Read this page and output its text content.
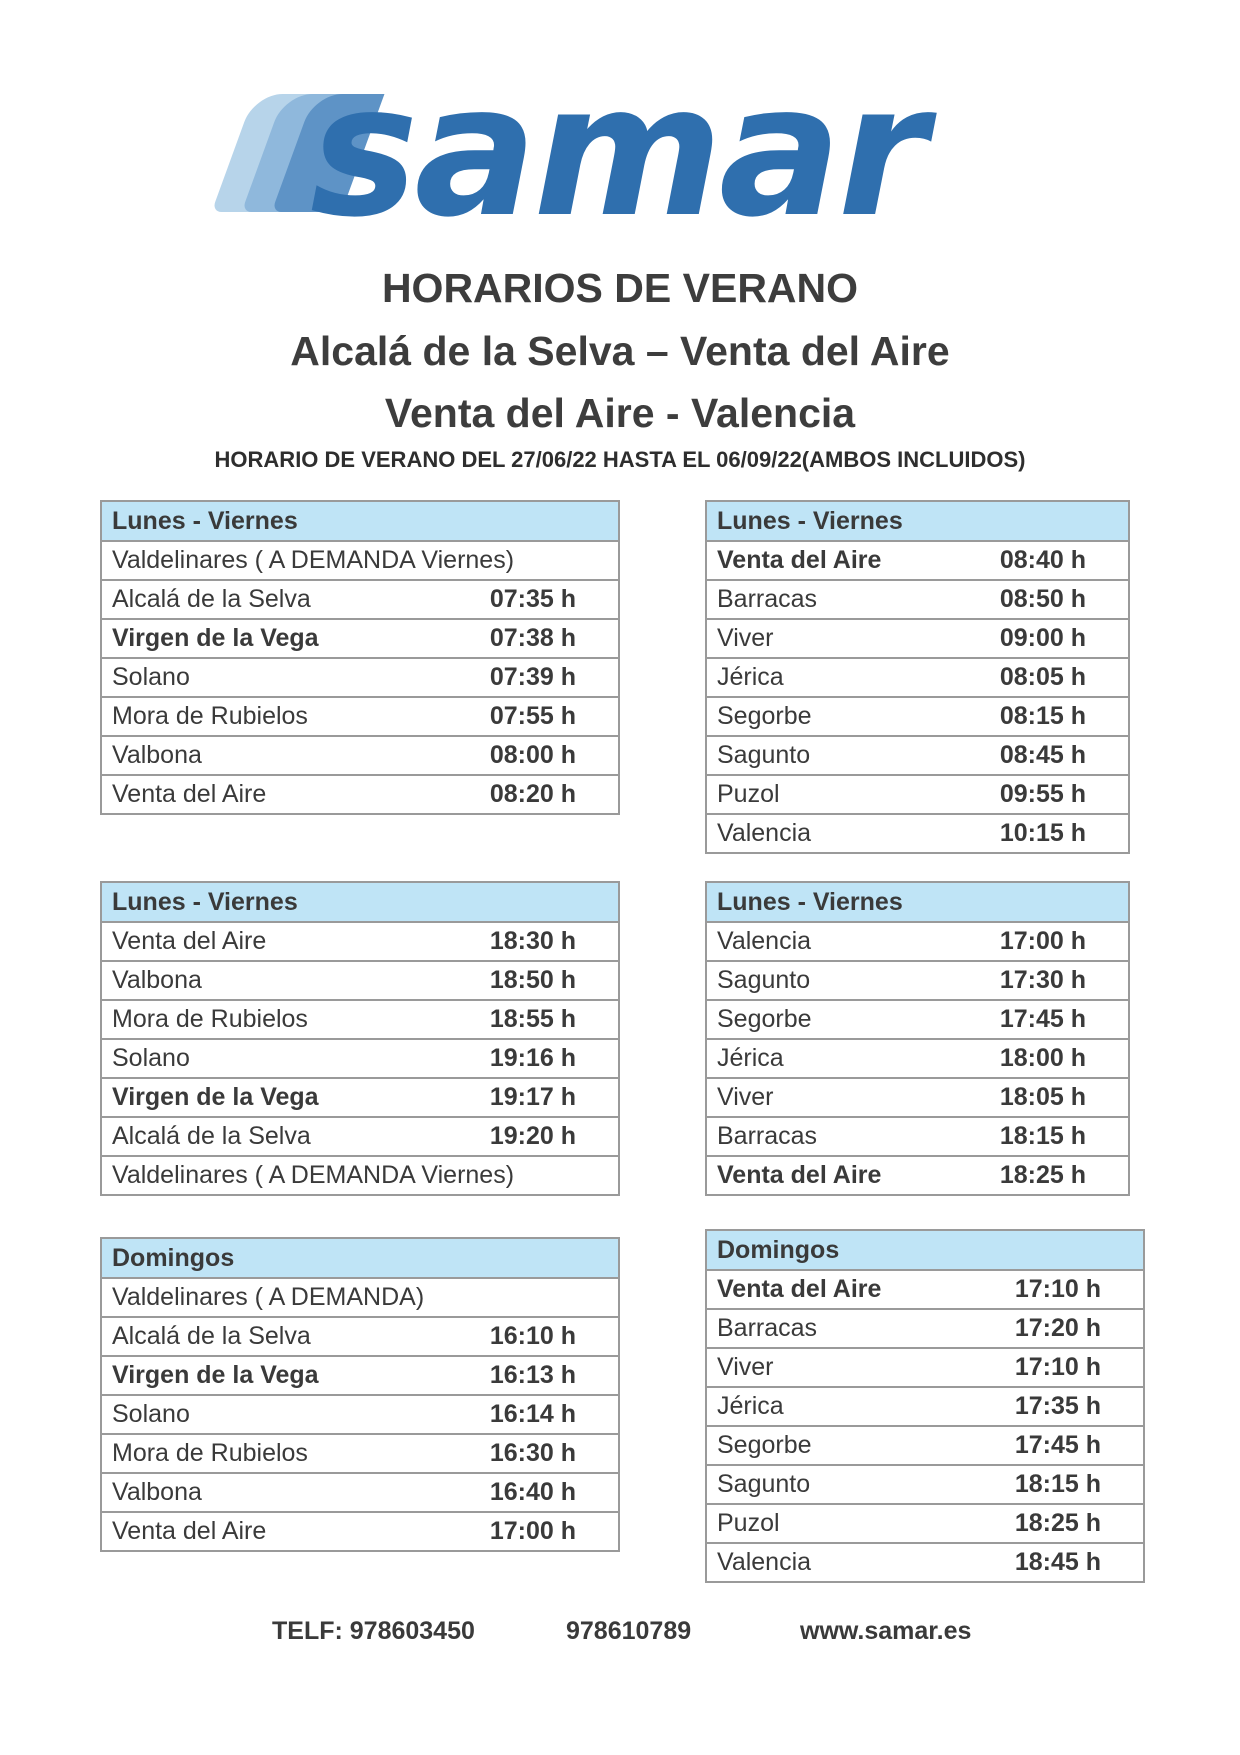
samar
HORARIOS DE VERANO
Alcalá de la Selva – Venta del Aire
Venta del Aire - Valencia

HORARIO DE VERANO DEL 27/06/22 HASTA EL 06/09/22(AMBOS INCLUIDOS)

Lunes - Viernes	
Valdelinares ( A DEMANDA Viernes)	
Alcalá de la Selva	07:35 h
Virgen de la Vega	07:38 h
Solano	07:39 h
Mora de Rubielos	07:55 h
Valbona	08:00 h
Venta del Aire	08:20 h
Lunes - Viernes	
Venta del Aire	08:40 h
Barracas	08:50 h
Viver	09:00 h
Jérica	08:05 h
Segorbe	08:15 h
Sagunto	08:45 h
Puzol	09:55 h
Valencia	10:15 h
Lunes - Viernes	
Venta del Aire	18:30 h
Valbona	18:50 h
Mora de Rubielos	18:55 h
Solano	19:16 h
Virgen de la Vega	19:17 h
Alcalá de la Selva	19:20 h
Valdelinares ( A DEMANDA Viernes)	
Lunes - Viernes	
Valencia	17:00 h
Sagunto	17:30 h
Segorbe	17:45 h
Jérica	18:00 h
Viver	18:05 h
Barracas	18:15 h
Venta del Aire	18:25 h
Domingos	
Valdelinares ( A DEMANDA)	
Alcalá de la Selva	16:10 h
Virgen de la Vega	16:13 h
Solano	16:14 h
Mora de Rubielos	16:30 h
Valbona	16:40 h
Venta del Aire	17:00 h
Domingos	
Venta del Aire	17:10 h
Barracas	17:20 h
Viver	17:10 h
Jérica	17:35 h
Segorbe	17:45 h
Sagunto	18:15 h
Puzol	18:25 h
Valencia	18:45 h

TELF: 978603450	978610789	www.samar.es
